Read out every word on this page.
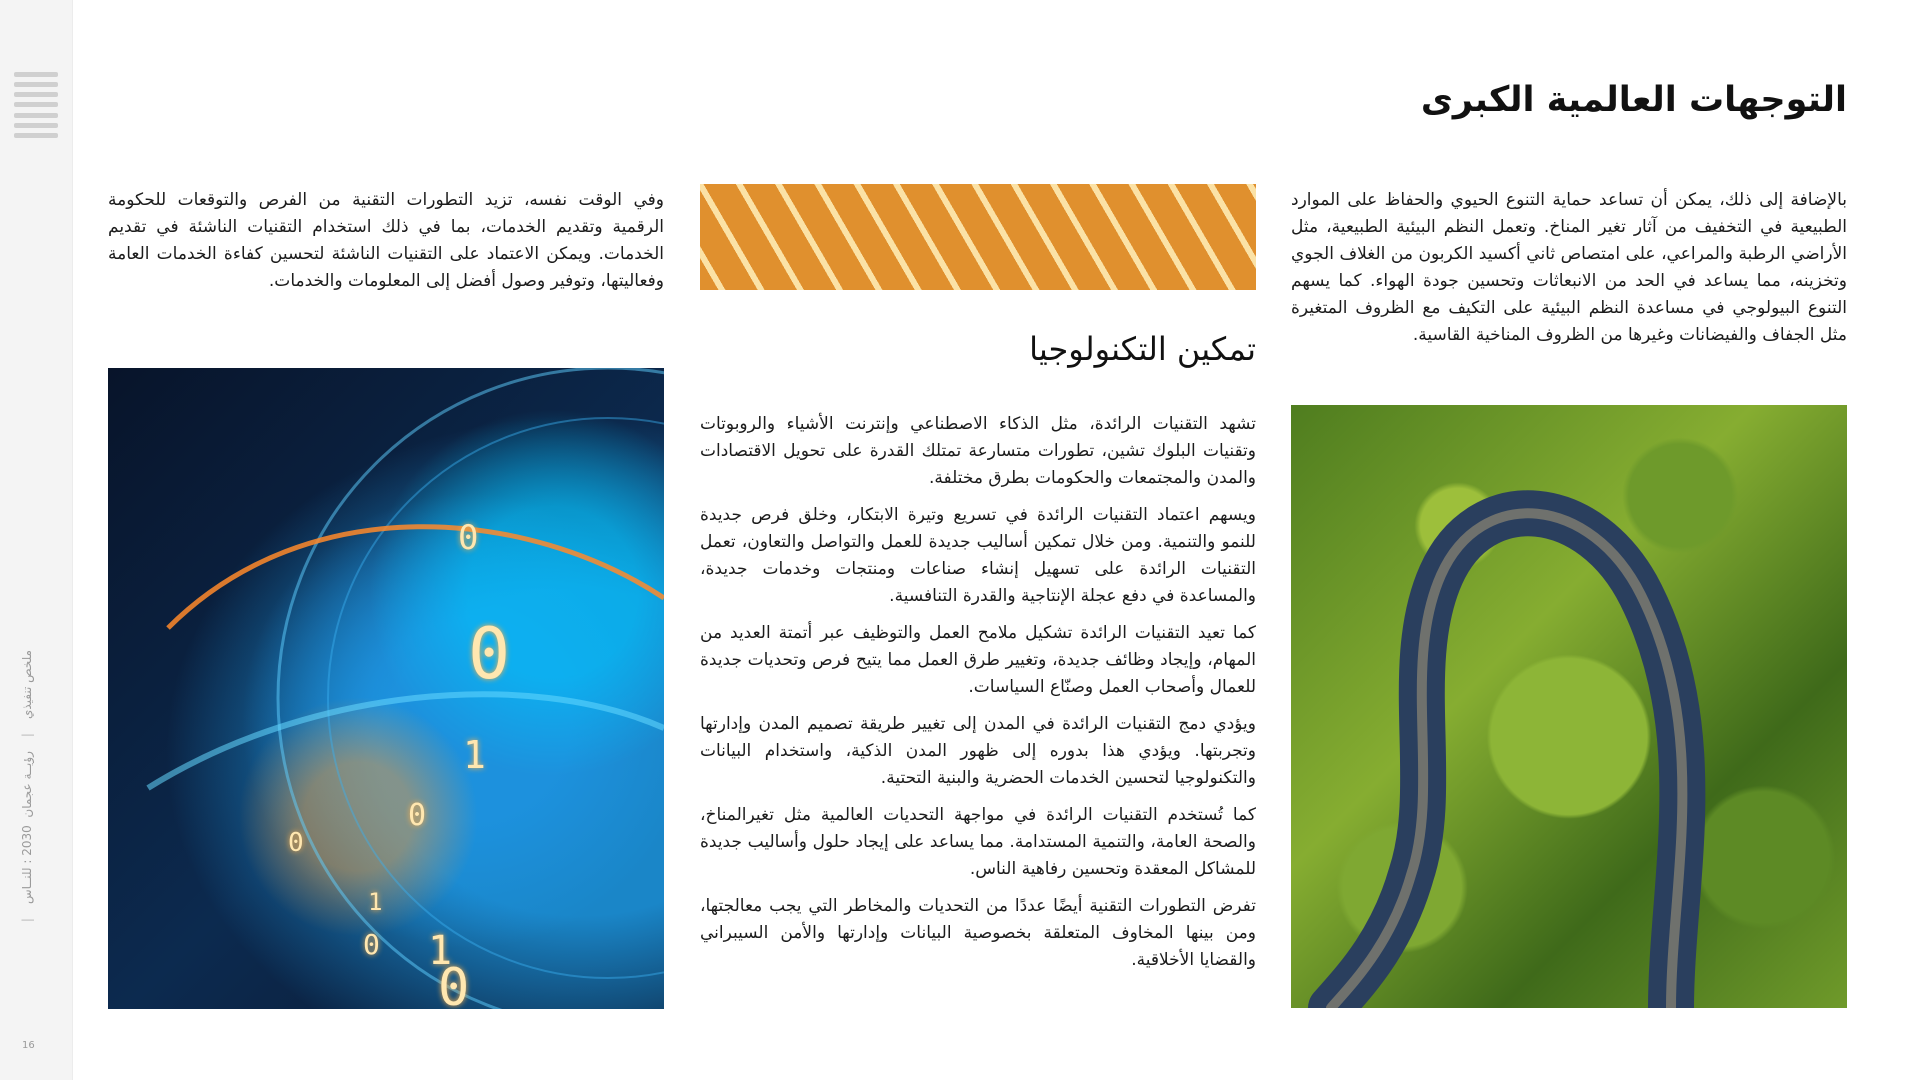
ملخص تنفيذي|رؤيــة عجمان  2030 : للنــاس|
16
التوجهات العالمية الكبرى

بالإضافة إلى ذلك، يمكن أن تساعد حماية التنوع الحيوي والحفاظ على الموارد الطبيعية في التخفيف من آثار تغير المناخ. وتعمل النظم البيئية الطبيعية، مثل الأراضي الرطبة والمراعي، على امتصاص ثاني أكسيد الكربون من الغلاف الجوي وتخزينه، مما يساعد في الحد من الانبعاثات وتحسين جودة الهواء. كما يسهم التنوع البيولوجي في مساعدة النظم البيئية على التكيف مع الظروف المتغيرة مثل الجفاف والفيضانات وغيرها من الظروف المناخية القاسية.

تمكين التكنولوجيا

تشهد التقنيات الرائدة، مثل الذكاء الاصطناعي وإنترنت الأشياء والروبوتات وتقنيات البلوك تشين، تطورات متسارعة تمتلك القدرة على تحويل الاقتصادات والمدن والمجتمعات والحكومات بطرق مختلفة.

ويسهم اعتماد التقنيات الرائدة في تسريع وتيرة الابتكار، وخلق فرص جديدة للنمو والتنمية. ومن خلال تمكين أساليب جديدة للعمل والتواصل والتعاون، تعمل التقنيات الرائدة على تسهيل إنشاء صناعات ومنتجات وخدمات جديدة، والمساعدة في دفع عجلة الإنتاجية والقدرة التنافسية.

كما تعيد التقنيات الرائدة تشكيل ملامح العمل والتوظيف عبر أتمتة العديد من المهام، وإيجاد وظائف جديدة، وتغيير طرق العمل مما يتيح فرص وتحديات جديدة للعمال وأصحاب العمل وصنّاع السياسات.

ويؤدي دمج التقنيات الرائدة في المدن إلى تغيير طريقة تصميم المدن وإدارتها وتجربتها. ويؤدي هذا بدوره إلى ظهور المدن الذكية، واستخدام البيانات والتكنولوجيا لتحسين الخدمات الحضرية والبنية التحتية.

كما تُستخدم التقنيات الرائدة في مواجهة التحديات العالمية مثل تغيرالمناخ، والصحة العامة، والتنمية المستدامة. مما يساعد على إيجاد حلول وأساليب جديدة للمشاكل المعقدة وتحسين رفاهية الناس.

تفرض التطورات التقنية أيضًا عددًا من التحديات والمخاطر التي يجب معالجتها، ومن بينها المخاوف المتعلقة بخصوصية البيانات وإدارتها والأمن السيبراني والقضايا الأخلاقية.

وفي الوقت نفسه، تزيد التطورات التقنية من الفرص والتوقعات للحكومة الرقمية وتقديم الخدمات، بما في ذلك استخدام التقنيات الناشئة في تقديم الخدمات. ويمكن الاعتماد على التقنيات الناشئة لتحسين كفاءة الخدمات العامة وفعاليتها، وتوفير وصول أفضل إلى المعلومات والخدمات.

0
0
1
0
1
0
0
1
0
